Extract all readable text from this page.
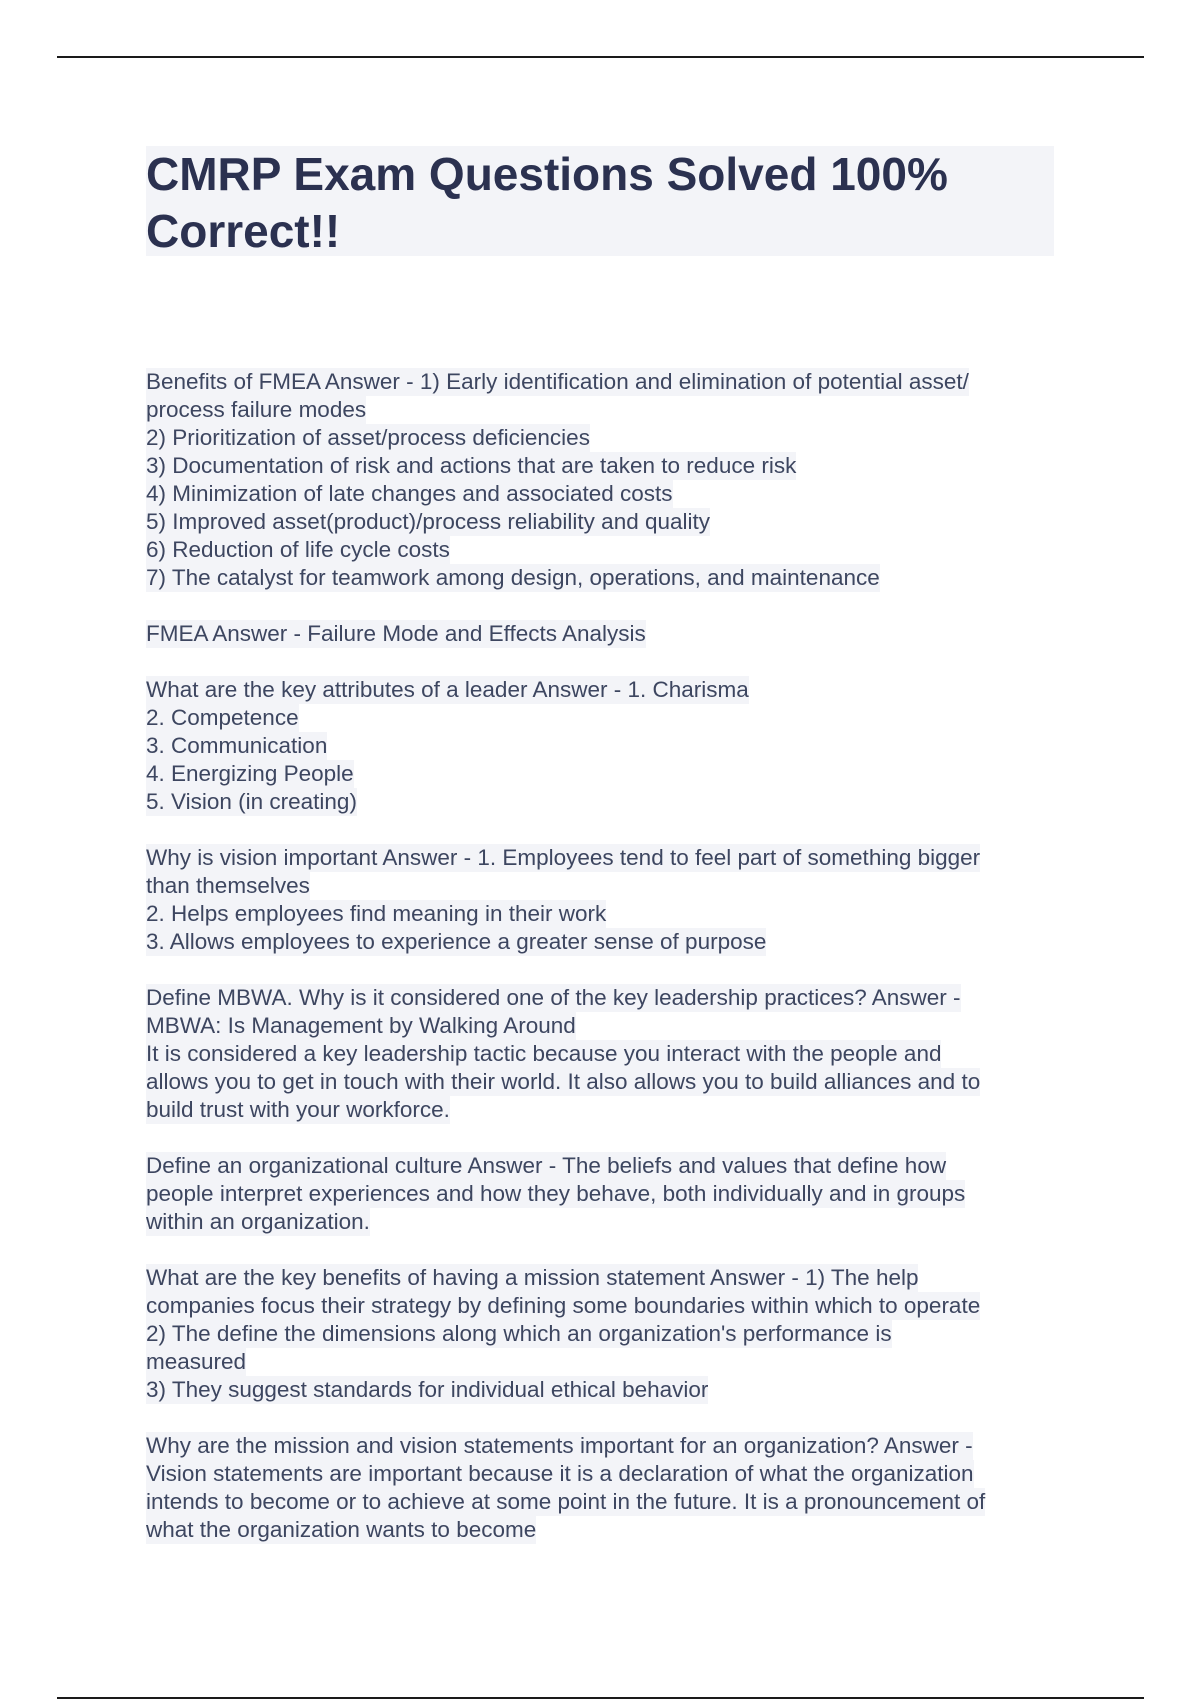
CMRP Exam Questions Solved 100%
Correct!!
Benefits of FMEA Answer - 1) Early identification and elimination of potential asset/
process failure modes
2) Prioritization of asset/process deficiencies
3) Documentation of risk and actions that are taken to reduce risk
4) Minimization of late changes and associated costs
5) Improved asset(product)/process reliability and quality
6) Reduction of life cycle costs
7) The catalyst for teamwork among design, operations, and maintenance
FMEA Answer - Failure Mode and Effects Analysis
What are the key attributes of a leader Answer - 1. Charisma
2. Competence
3. Communication
4. Energizing People
5. Vision (in creating)
Why is vision important Answer - 1. Employees tend to feel part of something bigger
than themselves
2. Helps employees find meaning in their work
3. Allows employees to experience a greater sense of purpose
Define MBWA. Why is it considered one of the key leadership practices? Answer -
MBWA: Is Management by Walking Around
It is considered a key leadership tactic because you interact with the people and
allows you to get in touch with their world. It also allows you to build alliances and to
build trust with your workforce.
Define an organizational culture Answer - The beliefs and values that define how
people interpret experiences and how they behave, both individually and in groups
within an organization.
What are the key benefits of having a mission statement Answer - 1) The help
companies focus their strategy by defining some boundaries within which to operate
2) The define the dimensions along which an organization's performance is
measured
3) They suggest standards for individual ethical behavior
Why are the mission and vision statements important for an organization? Answer -
Vision statements are important because it is a declaration of what the organization
intends to become or to achieve at some point in the future. It is a pronouncement of
what the organization wants to become
